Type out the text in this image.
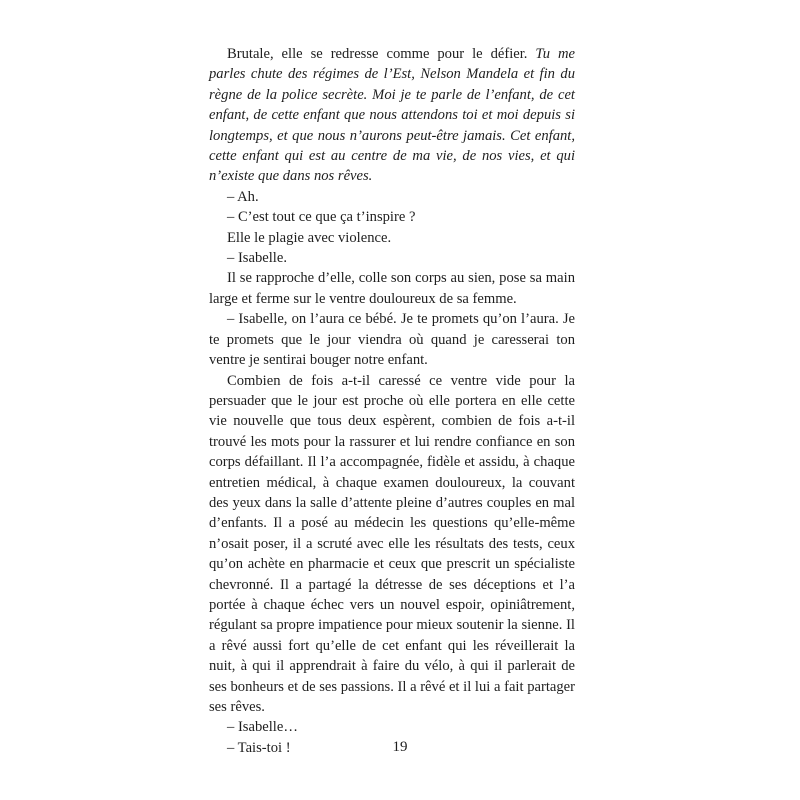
Brutale, elle se redresse comme pour le défier. Tu me parles chute des régimes de l’Est, Nelson Mandela et fin du règne de la police secrète. Moi je te parle de l’enfant, de cet enfant, de cette enfant que nous attendons toi et moi depuis si longtemps, et que nous n’aurons peut-être jamais. Cet enfant, cette enfant qui est au centre de ma vie, de nos vies, et qui n’existe que dans nos rêves.

– Ah.

– C’est tout ce que ça t’inspire ?

Elle le plagie avec violence.

– Isabelle.

Il se rapproche d’elle, colle son corps au sien, pose sa main large et ferme sur le ventre douloureux de sa femme.

– Isabelle, on l’aura ce bébé. Je te promets qu’on l’aura. Je te promets que le jour viendra où quand je caresserai ton ventre je sentirai bouger notre enfant.

Combien de fois a-t-il caressé ce ventre vide pour la persuader que le jour est proche où elle portera en elle cette vie nouvelle que tous deux espèrent, combien de fois a-t-il trouvé les mots pour la rassurer et lui rendre confiance en son corps défaillant. Il l’a accompagnée, fidèle et assidu, à chaque entretien médical, à chaque examen douloureux, la couvant des yeux dans la salle d’attente pleine d’autres couples en mal d’enfants. Il a posé au médecin les questions qu’elle-même n’osait poser, il a scruté avec elle les résultats des tests, ceux qu’on achète en pharmacie et ceux que prescrit un spécialiste chevronné. Il a partagé la détresse de ses déceptions et l’a portée à chaque échec vers un nouvel espoir, opiniâtrement, régulant sa propre impatience pour mieux soutenir la sienne. Il a rêvé aussi fort qu’elle de cet enfant qui les réveillerait la nuit, à qui il apprendrait à faire du vélo, à qui il parlerait de ses bonheurs et de ses passions. Il a rêvé et il lui a fait partager ses rêves.

– Isabelle…

– Tais-toi !	19
